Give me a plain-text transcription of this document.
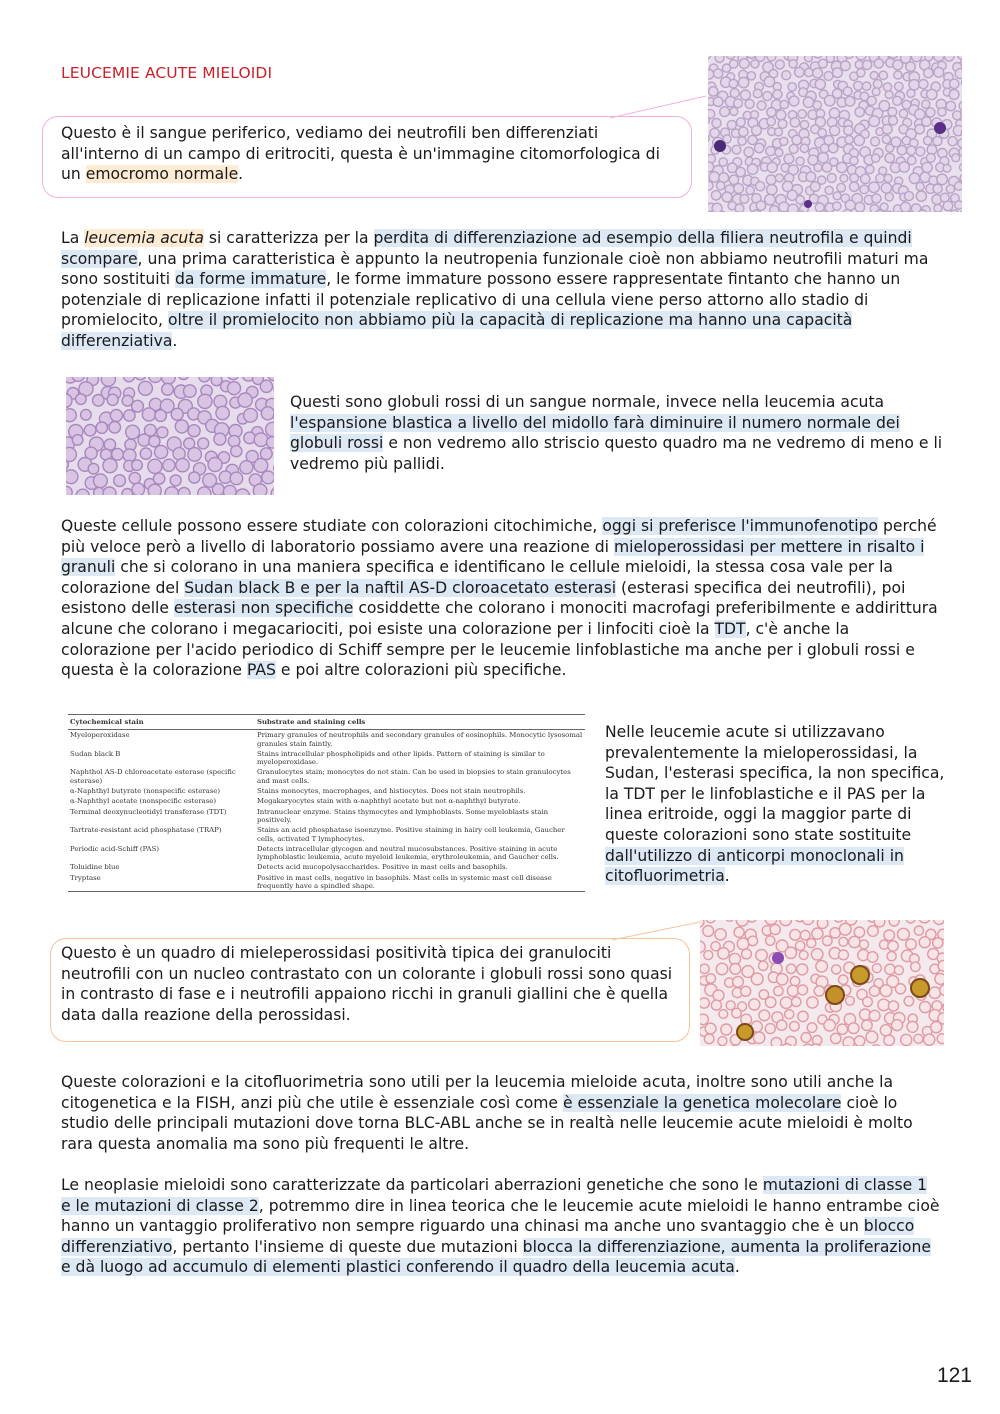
LEUCEMIE ACUTE MIELOIDI

Questo è il sangue periferico, vediamo dei neutrofili ben differenziati all'interno di un campo di eritrociti, questa è un'immagine citomorfologica di un emocromo normale.

La leucemia acuta si caratterizza per la perdita di differenziazione ad esempio della filiera neutrofila e quindi scompare, una prima caratteristica è appunto la neutropenia funzionale cioè non abbiamo neutrofili maturi ma sono sostituiti da forme immature, le forme immature possono essere rappresentate fintanto che hanno un potenziale di replicazione infatti il potenziale replicativo di una cellula viene perso attorno allo stadio di promielocito, oltre il promielocito non abbiamo più la capacità di replicazione ma hanno una capacità differenziativa.

Questi sono globuli rossi di un sangue normale, invece nella leucemia acuta l'espansione blastica a livello del midollo farà diminuire il numero normale dei globuli rossi e non vedremo allo striscio questo quadro ma ne vedremo di meno e li vedremo più pallidi.

Queste cellule possono essere studiate con colorazioni citochimiche, oggi si preferisce l'immunofenotipo perché più veloce però a livello di laboratorio possiamo avere una reazione di mieloperossidasi per mettere in risalto i granuli che si colorano in una maniera specifica e identificano le cellule mieloidi, la stessa cosa vale per la colorazione del Sudan black B e per la naftil AS-D cloroacetato esterasi (esterasi specifica dei neutrofili), poi esistono delle esterasi non specifiche cosiddette che colorano i monociti macrofagi preferibilmente e addirittura alcune che colorano i megacariociti, poi esiste una colorazione per i linfociti cioè la TDT, c'è anche la colorazione per l'acido periodico di Schiff sempre per le leucemie linfoblastiche ma anche per i globuli rossi e questa è la colorazione PAS e poi altre colorazioni più specifiche.

Cytochemical stain	Substrate and staining cells
Myeloperoxidase	Primary granules of neutrophils and secondary granules of eosinophils. Monocytic lysosomal granules stain faintly.
Sudan black B	Stains intracellular phospholipids and other lipids. Pattern of staining is similar to myeloperoxidase.
Naphthol AS-D chloroacetate esterase (specific esterase)	Granulocytes stain; monocytes do not stain. Can be used in biopsies to stain granulocytes and mast cells.
α-Naphthyl butyrate (nonspecific esterase)	Stains monocytes, macrophages, and histiocytes. Does not stain neutrophils.
α-Naphthyl acetate (nonspecific esterase)	Megakaryocytes stain with α-naphthyl acetate but not α-naphthyl butyrate.
Terminal deoxynucleotidyl transferase (TDT)	Intranuclear enzyme. Stains thymocytes and lymphoblasts. Some myeloblasts stain positively.
Tartrate-resistant acid phosphatase (TRAP)	Stains an acid phosphatase isoenzyme. Positive staining in hairy cell leukemia, Gaucher cells, activated T lymphocytes.
Periodic acid-Schiff (PAS)	Detects intracellular glycogen and neutral mucosubstances. Positive staining in acute lymphoblastic leukemia, acute myeloid leukemia, erythroleukemia, and Gaucher cells.
Toluidine blue	Detects acid mucopolysaccharides. Positive in mast cells and basophils.
Tryptase	Positive in mast cells, negative in basophils. Mast cells in systemic mast cell disease frequently have a spindled shape.

Nelle leucemie acute si utilizzavano prevalentemente la mieloperossidasi, la Sudan, l'esterasi specifica, la non specifica, la TDT per le linfoblastiche e il PAS per la linea eritroide, oggi la maggior parte di queste colorazioni sono state sostituite dall'utilizzo di anticorpi monoclonali in citofluorimetria.

Questo è un quadro di mieleperossidasi positività tipica dei granulociti neutrofili con un nucleo contrastato con un colorante i globuli rossi sono quasi in contrasto di fase e i neutrofili appaiono ricchi in granuli giallini che è quella data dalla reazione della perossidasi.

Queste colorazioni e la citofluorimetria sono utili per la leucemia mieloide acuta, inoltre sono utili anche la citogenetica e la FISH, anzi più che utile è essenziale così come è essenziale la genetica molecolare cioè lo studio delle principali mutazioni dove torna BLC-ABL anche se in realtà nelle leucemie acute mieloidi è molto rara questa anomalia ma sono più frequenti le altre.

Le neoplasie mieloidi sono caratterizzate da particolari aberrazioni genetiche che sono le mutazioni di classe 1 e le mutazioni di classe 2, potremmo dire in linea teorica che le leucemie acute mieloidi le hanno entrambe cioè hanno un vantaggio proliferativo non sempre riguardo una chinasi ma anche uno svantaggio che è un blocco differenziativo, pertanto l'insieme di queste due mutazioni blocca la differenziazione, aumenta la proliferazione e dà luogo ad accumulo di elementi plastici conferendo il quadro della leucemia acuta.

121
